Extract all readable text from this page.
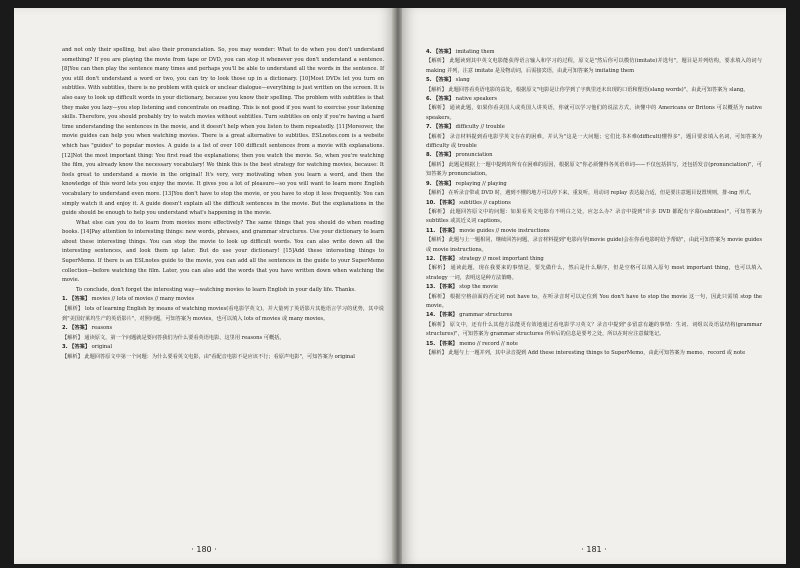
and not only their spelling, but also their pronunciation. So, you may wonder: What to do when you don't understand something? If you are playing the movie from tape or DVD, you can stop it whenever you don't understand a sentence. [8]You can then play the sentence many times and perhaps you'll be able to understand all the words in the sentence. If you still don't understand a word or two, you can try to look those up in a dictionary. [10]Most DVDs let you turn on subtitles. With subtitles, there is no problem with quick or unclear dialogue—everything is just written on the screen. It is also easy to look up difficult words in your dictionary, because you know their spelling. The problem with subtitles is that they make you lazy—you stop listening and concentrate on reading. This is not good if you want to exercise your listening skills. Therefore, you should probably try to watch movies without subtitles. Turn subtitles on only if you're having a hard time understanding the sentences in the movie, and it doesn't help when you listen to them repeatedly. [11]Moreover, the movie guides can help you when watching movies. There is a great alternative to subtitles. ESLnotes.com is a website which has "guides" to popular movies. A guide is a list of over 100 difficult sentences from a movie with explanations. [12]Not the most important thing: You first read the explanations; then you watch the movie. So, when you're watching the film, you already know the necessary vocabulary! We think this is the best strategy for watching movies, because: It feels great to understand a movie in the original! It's very, very motivating when you learn a word, and then the knowledge of this word lets you enjoy the movie. It gives you a lot of pleasure—so you will want to learn more English vocabulary to understand even more. [13]You don't have to stop the movie, or you have to stop it less frequently. You can simply watch it and enjoy it. A guide doesn't explain all the difficult sentences in the movie. But the explanations in the guide should be enough to help you understand what's happening in the movie.

What else can you do to learn from movies more effectively? The same things that you should do when reading books. [14]Pay attention to interesting things: new words, phrases, and grammar structures. Use your dictionary to learn about these interesting things. You can stop the movie to look up difficult words. You can also write down all the interesting sentences, and look them up later. But do use your dictionary! [15]Add these interesting things to SuperMemo. If there is an ESLnotes guide to the movie, you can add all the sentences in the guide to your SuperMemo collection—before watching the film. Later, you can also add the words that you have written down when watching the movie.

To conclude, don't forget the interesting way—watching movies to learn English in your daily life. Thanks.

1. 【答案】 movies // lots of movies // many movies

【解析】 lots of learning English by means of watching movies(看电影学英文)，并大量列了英语影片其他语言学习的优势，其中说到"美国好莱坞生产的英语影片"，对照问题，可知答案为 movies，也可以填入 lots of movies 或 many movies。

2. 【答案】 reasons

【解析】 通读原文，第一个问题就是要问答我们为什么要看英语电影，这里用 reasons 可概括。

3. 【答案】 original

【解析】 此题回答原文中第一个问题：为什么要看英文电影，由"看配音电影不是应该不行；看原声电影"，可知答案为 original

· 180 ·
4. 【答案】 imitating them

【解析】 此题读到其中英文电影能获得语言输入和学习的过程，原文是"然后你可以模仿(imitate)并选句"，题目是并列结构，要求填入的词与 making 并列，注意 imitate 是及物动词，后需接宾语，由此可知答案为 imitating them

5. 【答案】 slang

【解析】 此题回答看英语电影的益处，根据原文"电影是让你学到了字典里还未出现的口语和俚语(slang words)"，由此可知答案为 slang。

6. 【答案】 native speakers

【解析】 通读此题，如果你看美国人或英国人讲英语，你就可以学习他们的说法方式，读懂中的 Americans or Britons 可以概括为 native speakers。

7. 【答案】 difficulty // trouble

【解析】 录音材料提到看电影学英文存在的困难，并认为"这是一大问题；它们比书本难(difficult)懂得多"，题目要求填入名词，可知答案为 difficulty 或 trouble

8. 【答案】 pronunciation

【解析】 此题是根据上一题中提到的所有在困难的原因，根据原文"你必须懂得各英语单词——不仅包括拼写，还包括发音(pronunciation)"，可知答案为 pronunciation。

9. 【答案】 replaying // playing

【解析】 在听录音带或 DVD 时，遇到不懂的地方可以停下来，重复听，用动词 replay 表达最合适，但是要注意题目设置规则，排-ing 形式。

10. 【答案】 subtitles // captions

【解析】 此题回答原文中的问题：如果看英文电影有不明白之处，应怎么办？录音中提到"许多 DVD 都配有字幕(subtitles)"，可知答案为 subtitles 或其近义词 captions。

11. 【答案】 movie guides // movie instructions

【解析】 此题与上一题相同，继续回答问题，录音材料提到"电影向导(movie guide)会在你看电影时给予帮助"，由此可知答案为 movie guides 或 movie instructions。

12. 【答案】 strategy // most important thing

【解析】 通读此题，现在我要来的事情是，要先做什么，然后是什么顺序，但是空格可以填入原句 most important thing，也可以填入 strategy 一词，表明这是种方法策略。

13. 【答案】 stop the movie

【解析】 根据空格前面的否定词 not have to，在听录音时可以定位到 You don't have to stop the movie 这一句，因此只需填 stop the movie。

14. 【答案】 grammar structures

【解析】 原文中，还有什么其他方法能更有效地通过看电影学习英文？录音中提到"多留意有趣的事情：生词、词组以及语法结构(grammar structures)"，可知答案为 grammar structures 所举后的信息是要考之处，所以在时应注意做笔记。

15. 【答案】 memo // record // note

【解析】 此题与上一题并列，其中录音提到 Add these interesting things to SuperMemo，由此可知答案为 memo、record 或 note

· 181 ·
